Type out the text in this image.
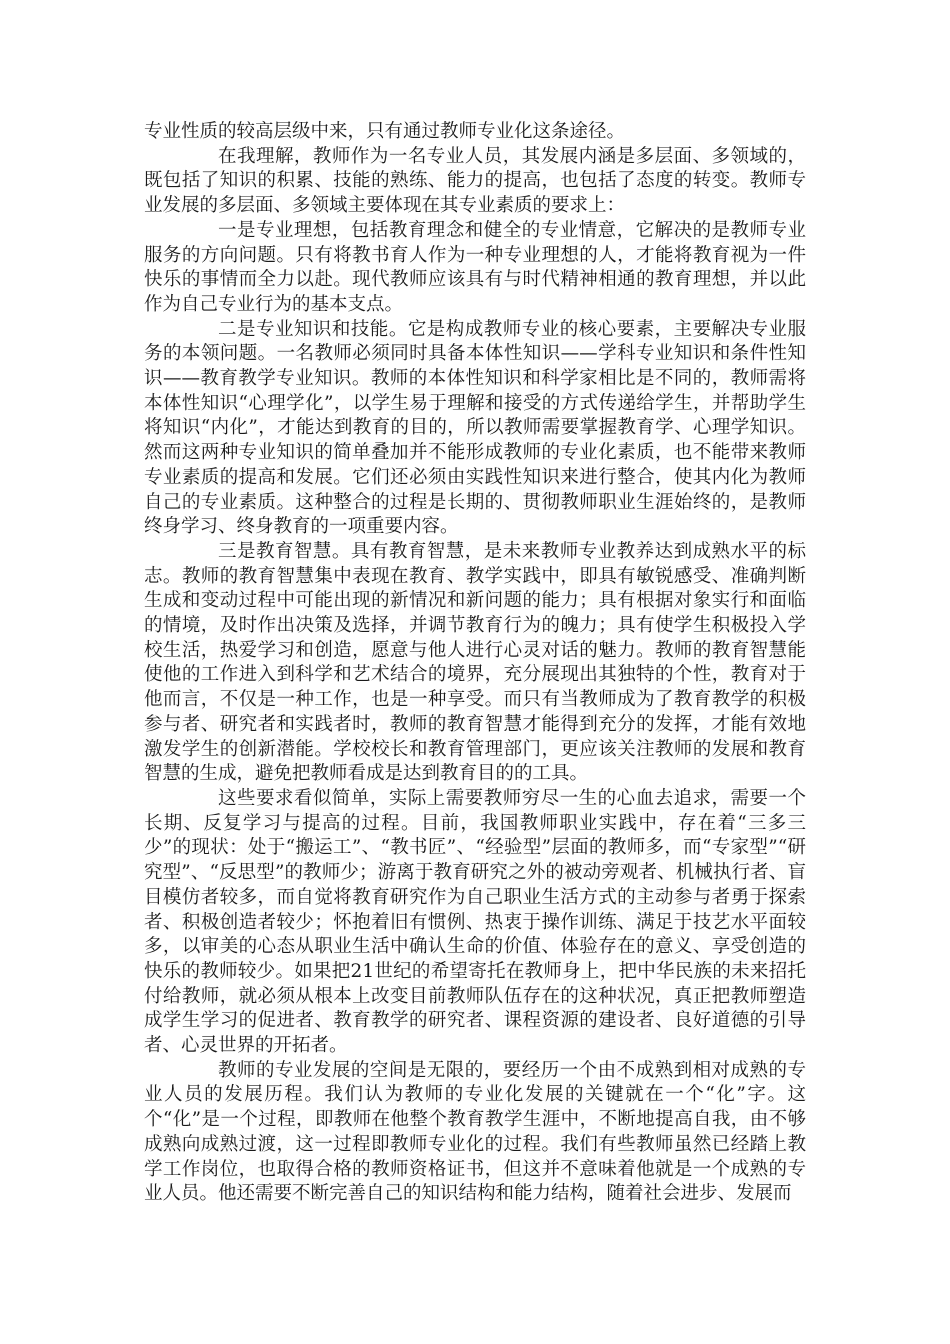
专业性质的较高层级中来，只有通过教师专业化这条途径。

在我理解，教师作为一名专业人员，其发展内涵是多层面、多领域的，既包括了知识的积累、技能的熟练、能力的提高，也包括了态度的转变。教师专业发展的多层面、多领域主要体现在其专业素质的要求上：

一是专业理想，包括教育理念和健全的专业情意，它解决的是教师专业服务的方向问题。只有将教书育人作为一种专业理想的人，才能将教育视为一件快乐的事情而全力以赴。现代教师应该具有与时代精神相通的教育理想，并以此作为自己专业行为的基本支点。

二是专业知识和技能。它是构成教师专业的核心要素，主要解决专业服务的本领问题。一名教师必须同时具备本体性知识——学科专业知识和条件性知识——教育教学专业知识。教师的本体性知识和科学家相比是不同的，教师需将本体性知识“心理学化”，以学生易于理解和接受的方式传递给学生，并帮助学生将知识“内化”，才能达到教育的目的，所以教师需要掌握教育学、心理学知识。然而这两种专业知识的简单叠加并不能形成教师的专业化素质，也不能带来教师专业素质的提高和发展。它们还必须由实践性知识来进行整合，使其内化为教师自己的专业素质。这种整合的过程是长期的、贯彻教师职业生涯始终的，是教师终身学习、终身教育的一项重要内容。

三是教育智慧。具有教育智慧，是未来教师专业教养达到成熟水平的标志。教师的教育智慧集中表现在教育、教学实践中，即具有敏锐感受、准确判断生成和变动过程中可能出现的新情况和新问题的能力；具有根据对象实行和面临的情境，及时作出决策及选择，并调节教育行为的魄力；具有使学生积极投入学校生活，热爱学习和创造，愿意与他人进行心灵对话的魅力。教师的教育智慧能使他的工作进入到科学和艺术结合的境界，充分展现出其独特的个性，教育对于他而言，不仅是一种工作，也是一种享受。而只有当教师成为了教育教学的积极参与者、研究者和实践者时，教师的教育智慧才能得到充分的发挥，才能有效地激发学生的创新潜能。学校校长和教育管理部门，更应该关注教师的发展和教育智慧的生成，避免把教师看成是达到教育目的的工具。

这些要求看似简单，实际上需要教师穷尽一生的心血去追求，需要一个长期、反复学习与提高的过程。目前，我国教师职业实践中，存在着“三多三少”的现状：处于“搬运工”、“教书匠”、“经验型”层面的教师多，而“专家型”“研究型”、“反思型”的教师少；游离于教育研究之外的被动旁观者、机械执行者、盲目模仿者较多，而自觉将教育研究作为自己职业生活方式的主动参与者勇于探索者、积极创造者较少；怀抱着旧有惯例、热衷于操作训练、满足于技艺水平面较多，以审美的心态从职业生活中确认生命的价值、体验存在的意义、享受创造的快乐的教师较少。如果把21世纪的希望寄托在教师身上，把中华民族的未来招托付给教师，就必须从根本上改变目前教师队伍存在的这种状况，真正把教师塑造成学生学习的促进者、教育教学的研究者、课程资源的建设者、良好道德的引导者、心灵世界的开拓者。

教师的专业发展的空间是无限的，要经历一个由不成熟到相对成熟的专业人员的发展历程。我们认为教师的专业化发展的关键就在一个“化”字。这个“化”是一个过程，即教师在他整个教育教学生涯中，不断地提高自我，由不够成熟向成熟过渡，这一过程即教师专业化的过程。我们有些教师虽然已经踏上教学工作岗位，也取得合格的教师资格证书，但这并不意味着他就是一个成熟的专业人员。他还需要不断完善自己的知识结构和能力结构，随着社会进步、发展而
